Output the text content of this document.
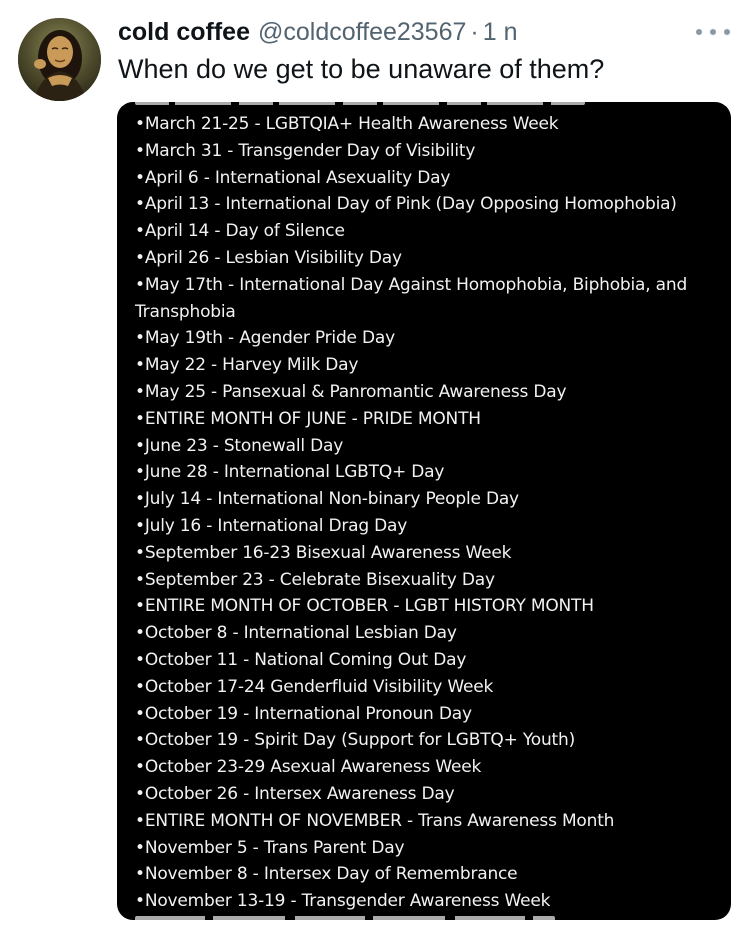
cold coffee @coldcoffee23567 · 1 n
When do we get to be unaware of them?
•March 21-25 - LGBTQIA+ Health Awareness Week
•March 31 - Transgender Day of Visibility
•April 6 - International Asexuality Day
•April 13 - International Day of Pink (Day Opposing Homophobia)
•April 14 - Day of Silence
•April 26 - Lesbian Visibility Day
•May 17th - International Day Against Homophobia, Biphobia, and Transphobia
•May 19th - Agender Pride Day
•May 22 - Harvey Milk Day
•May 25 - Pansexual & Panromantic Awareness Day
•ENTIRE MONTH OF JUNE - PRIDE MONTH
•June 23 - Stonewall Day
•June 28 - International LGBTQ+ Day
•July 14 - International Non-binary People Day
•July 16 - International Drag Day
•September 16-23 Bisexual Awareness Week
•September 23 - Celebrate Bisexuality Day
•ENTIRE MONTH OF OCTOBER - LGBT HISTORY MONTH
•October 8 - International Lesbian Day
•October 11 - National Coming Out Day
•October 17-24 Genderfluid Visibility Week
•October 19 - International Pronoun Day
•October 19 - Spirit Day (Support for LGBTQ+ Youth)
•October 23-29 Asexual Awareness Week
•October 26 - Intersex Awareness Day
•ENTIRE MONTH OF NOVEMBER - Trans Awareness Month
•November 5 - Trans Parent Day
•November 8 - Intersex Day of Remembrance
•November 13-19 - Transgender Awareness Week
